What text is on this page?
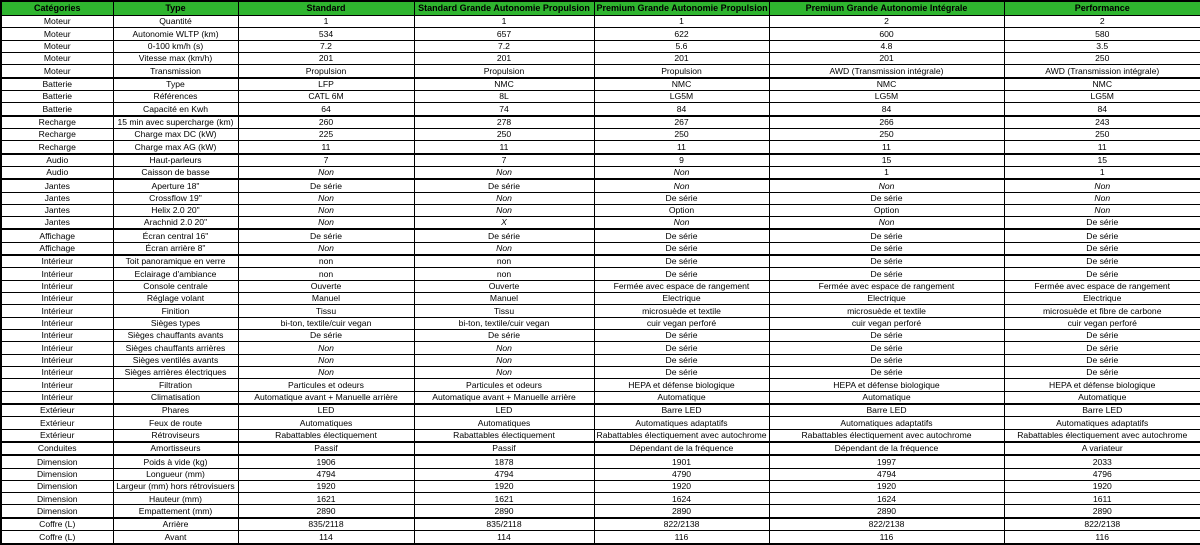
Catégories	Type	Standard	Standard Grande Autonomie Propulsion	Premium Grande Autonomie Propulsion	Premium Grande Autonomie Intégrale	Performance
Moteur	Quantité	1	1	1	2	2
Moteur	Autonomie WLTP (km)	534	657	622	600	580
Moteur	0-100 km/h (s)	7.2	7.2	5.6	4.8	3.5
Moteur	Vitesse max (km/h)	201	201	201	201	250
Moteur	Transmission	Propulsion	Propulsion	Propulsion	AWD (Transmission intégrale)	AWD (Transmission intégrale)
Batterie	Type	LFP	NMC	NMC	NMC	NMC
Batterie	Références	CATL 6M	8L	LG5M	LG5M	LG5M
Batterie	Capacité en Kwh	64	74	84	84	84
Recharge	15 min avec supercharge (km)	260	278	267	266	243
Recharge	Charge max DC (kW)	225	250	250	250	250
Recharge	Charge max AG (kW)	11	11	11	11	11
Audio	Haut-parleurs	7	7	9	15	15
Audio	Caisson de basse	Non	Non	Non	1	1
Jantes	Aperture 18"	De série	De série	Non	Non	Non
Jantes	Crossflow 19"	Non	Non	De série	De série	Non
Jantes	Helix 2.0 20"	Non	Non	Option	Option	Non
Jantes	Arachnid 2.0 20"	Non	X	Non	Non	De série
Affichage	Écran central 16"	De série	De série	De série	De série	De série
Affichage	Écran arrière 8"	Non	Non	De série	De série	De série
Intérieur	Toit panoramique en verre	non	non	De série	De série	De série
Intérieur	Eclairage d'ambiance	non	non	De série	De série	De série
Intérieur	Console centrale	Ouverte	Ouverte	Fermée avec espace de rangement	Fermée avec espace de rangement	Fermée avec espace de rangement
Intérieur	Réglage volant	Manuel	Manuel	Electrique	Electrique	Electrique
Intérieur	Finition	Tissu	Tissu	microsuède et textile	microsuède et textile	microsuède et fibre de carbone
Intérieur	Sièges types	bi-ton, textile/cuir vegan	bi-ton, textile/cuir vegan	cuir vegan perforé	cuir vegan perforé	cuir vegan perforé
Intérieur	Sièges chauffants avants	De série	De série	De série	De série	De série
Intérieur	Sièges chauffants arrières	Non	Non	De série	De série	De série
Intérieur	Sièges ventilés avants	Non	Non	De série	De série	De série
Intérieur	Sièges arrières électriques	Non	Non	De série	De série	De série
Intérieur	Filtration	Particules et odeurs	Particules et odeurs	HEPA et défense biologique	HEPA et défense biologique	HEPA et défense biologique
Intérieur	Climatisation	Automatique avant + Manuelle arrière	Automatique avant + Manuelle arrière	Automatique	Automatique	Automatique
Extérieur	Phares	LED	LED	Barre LED	Barre LED	Barre LED
Extérieur	Feux de route	Automatiques	Automatiques	Automatiques adaptatifs	Automatiques adaptatifs	Automatiques adaptatifs
Extérieur	Rétroviseurs	Rabattables électiquement	Rabattables électiquement	Rabattables électiquement avec autochrome	Rabattables électiquement avec autochrome	Rabattables électiquement avec autochrome
Conduites	Amortisseurs	Passif	Passif	Dépendant de la fréquence	Dépendant de la fréquence	A variateur
Dimension	Poids à vide (kg)	1906	1878	1901	1997	2033
Dimension	Longueur (mm)	4794	4794	4790	4794	4796
Dimension	Largeur (mm) hors rétrovisuers	1920	1920	1920	1920	1920
Dimension	Hauteur (mm)	1621	1621	1624	1624	1611
Dimension	Empattement (mm)	2890	2890	2890	2890	2890
Coffre (L)	Arrière	835/2118	835/2118	822/2138	822/2138	822/2138
Coffre (L)	Avant	114	114	116	116	116
